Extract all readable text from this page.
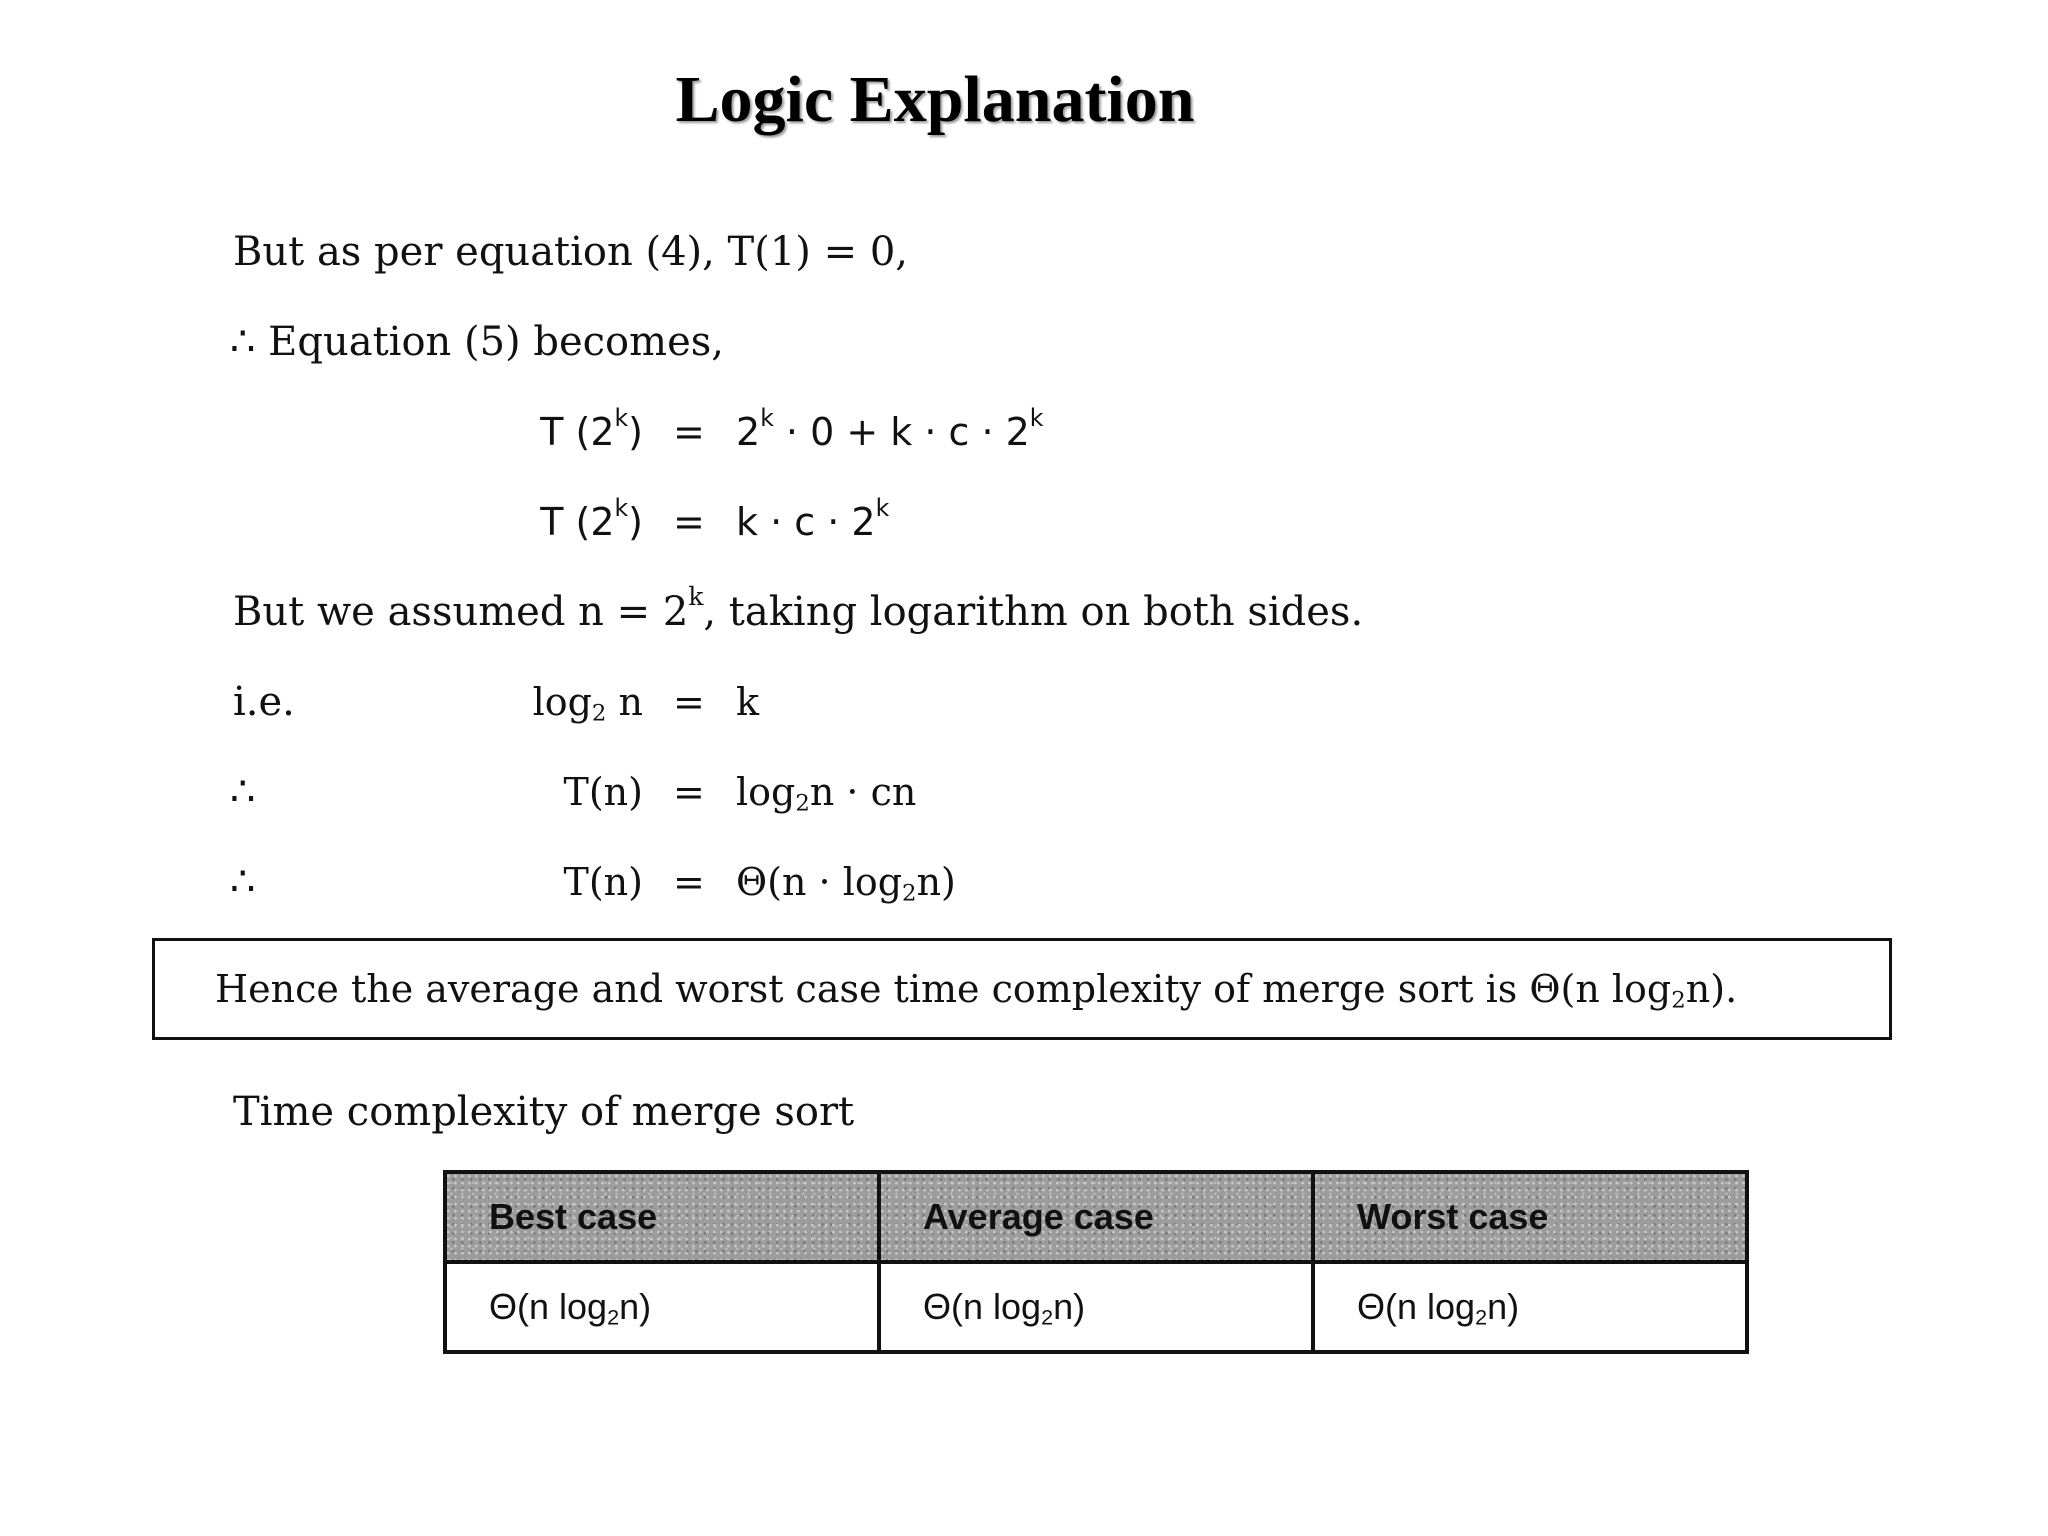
Logic Explanation
But as per equation (4), T(1) = 0,
∴ Equation (5) becomes,
T $(2^k) = 2^k \cdot 0 + k \cdot c \cdot 2^k$
T $(2^k) = k \cdot c \cdot 2^k$
But we assumed $n = 2^k$, taking logarithm on both sides.
i.e.	$\log_2 n = k$
∴	$T(n) = \log_2n$ · cn
∴	$T(n) = \Theta(n \cdot \log_2n)$
Hence the average and worst case time complexity of merge sort is Θ(n $\log_2n$).
Time complexity of merge sort
Best case	Average case	Worst case
Θ(n $\log_2n$)	Θ(n $\log_2n$)	Θ(n $\log_2n$)
